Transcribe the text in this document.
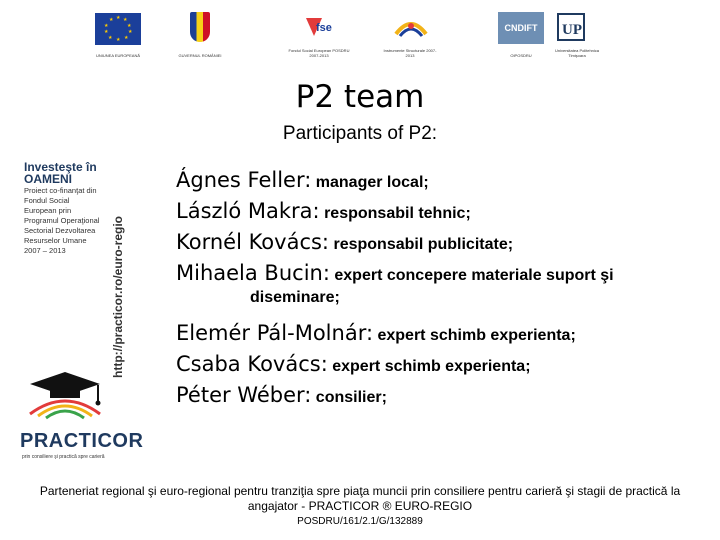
★ ★
★
★
★
★
★
★
★
★
UNIUNEA EUROPEANĂ	GUVERNUL ROMÂNIEI
fse
Fondul Social European POSDRU 2007-2013
Instrumente Structurale 2007-2013
CNDIFT
OIPOSDRU
UP
Universitatea Politehnica Timişoara
P2 team
Participants of P2:
Investeşte în OAMENI
Proiect co-finanţat din Fondul Social European prin Programul Operaţional Sectorial Dezvoltarea Resurselor Umane 2007 – 2013	http://practicor.ro/euro-regio
Ágnes Feller: manager local;
László Makra: responsabil tehnic;
Kornél Kovács: responsabil publicitate;
Mihaela Bucin: expert concepere materiale suport şi
diseminare;
Elemér Pál-Molnár: expert schimb experienta;
Csaba Kovács: expert schimb experienta;
Péter Wéber: consilier;
PRACTICOR
prin consiliere şi practică spre carieră
Parteneriat regional şi euro-regional pentru tranziţia spre piaţa muncii prin consiliere pentru carieră şi stagii de practică la angajator - PRACTICOR ® EURO-REGIO
POSDRU/161/2.1/G/132889
